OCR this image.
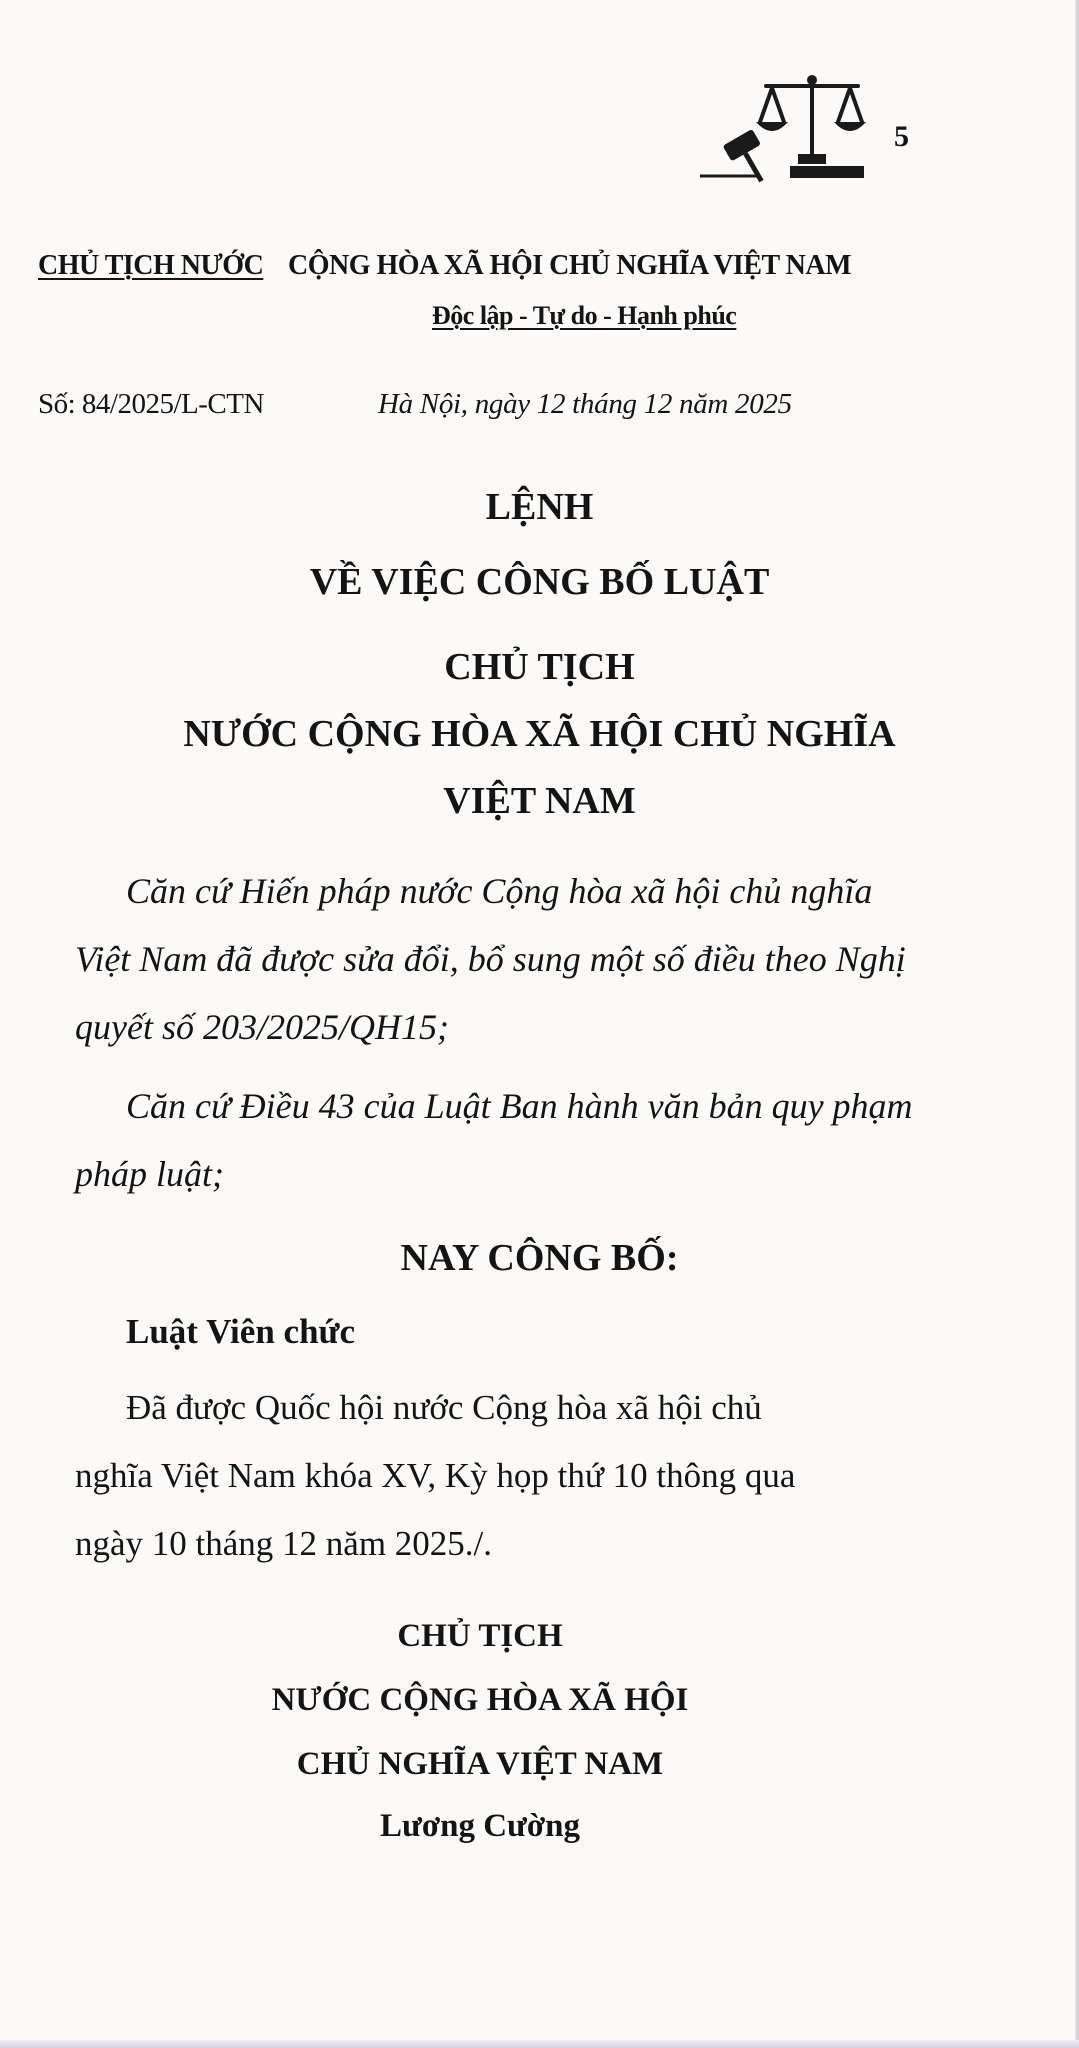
5
CHỦ TỊCH NƯỚC CỘNG HÒA XÃ HỘI CHỦ NGHĨA VIỆT NAM
Độc lập - Tự do - Hạnh phúc
Số: 84/2025/L-CTN	Hà Nội, ngày 12 tháng 12 năm 2025
LỆNH
VỀ VIỆC CÔNG BỐ LUẬT
CHỦ TỊCH
NƯỚC CỘNG HÒA XÃ HỘI CHỦ NGHĨA
VIỆT NAM
Căn cứ Hiến pháp nước Cộng hòa xã hội chủ nghĩa
Việt Nam đã được sửa đổi, bổ sung một số điều theo Nghị
quyết số 203/2025/QH15;
Căn cứ Điều 43 của Luật Ban hành văn bản quy phạm
pháp luật;
NAY CÔNG BỐ:
Luật Viên chức
Đã được Quốc hội nước Cộng hòa xã hội chủ
nghĩa Việt Nam khóa XV, Kỳ họp thứ 10 thông qua
ngày 10 tháng 12 năm 2025./.
CHỦ TỊCH
NƯỚC CỘNG HÒA XÃ HỘI
CHỦ NGHĨA VIỆT NAM
Lương Cường
